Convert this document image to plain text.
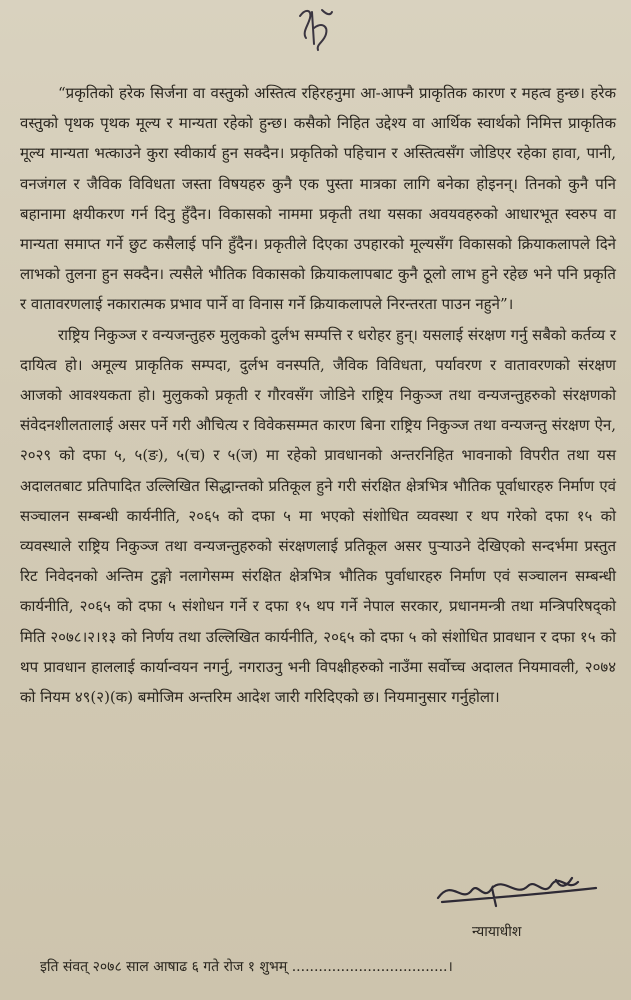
“प्रकृतिको हरेक सिर्जना वा वस्तुको अस्तित्व रहिरहनुमा आ-आफ्नै प्राकृतिक कारण र महत्व हुन्छ। हरेक वस्तुको पृथक पृथक मूल्य र मान्यता रहेको हुन्छ। कसैको निहित उद्देश्य वा आर्थिक स्वार्थको निमित्त प्राकृतिक मूल्य मान्यता भत्काउने कुरा स्वीकार्य हुन सक्दैन। प्रकृतिको पहिचान र अस्तित्वसँग जोडिएर रहेका हावा, पानी, वनजंगल र जैविक विविधता जस्ता विषयहरु कुनै एक पुस्ता मात्रका लागि बनेका होइनन्। तिनको कुनै पनि बहानामा क्षयीकरण गर्न दिनु हुँदैन। विकासको नाममा प्रकृती तथा यसका अवयवहरुको आधारभूत स्वरुप वा मान्यता समाप्त गर्ने छुट कसैलाई पनि हुँदैन। प्रकृतीले दिएका उपहारको मूल्यसँग विकासको क्रियाकलापले दिने लाभको तुलना हुन सक्दैन। त्यसैले भौतिक विकासको क्रियाकलापबाट कुनै ठूलो लाभ हुने रहेछ भने पनि प्रकृति र वातावरणलाई नकारात्मक प्रभाव पार्ने वा विनास गर्ने क्रियाकलापले निरन्तरता पाउन नहुने”।

राष्ट्रिय निकुञ्ज र वन्यजन्तुहरु मुलुकको दुर्लभ सम्पत्ति र धरोहर हुन्। यसलाई संरक्षण गर्नु सबैको कर्तव्य र दायित्व हो। अमूल्य प्राकृतिक सम्पदा, दुर्लभ वनस्पति, जैविक विविधता, पर्यावरण र वातावरणको संरक्षण आजको आवश्यकता हो। मुलुकको प्रकृती र गौरवसँग जोडिने राष्ट्रिय निकुञ्ज तथा वन्यजन्तुहरुको संरक्षणको संवेदनशीलतालाई असर पर्ने गरी औचित्य र विवेकसम्मत कारण बिना राष्ट्रिय निकुञ्ज तथा वन्यजन्तु संरक्षण ऐन, २०२९ को दफा ५, ५(ङ), ५(च) र ५(ज) मा रहेको प्रावधानको अन्तरनिहित भावनाको विपरीत तथा यस अदालतबाट प्रतिपादित उल्लिखित सिद्धान्तको प्रतिकूल हुने गरी संरक्षित क्षेत्रभित्र भौतिक पूर्वाधारहरु निर्माण एवं सञ्चालन सम्बन्धी कार्यनीति, २०६५ को दफा ५ मा भएको संशोधित व्यवस्था र थप गरेको दफा १५ को व्यवस्थाले राष्ट्रिय निकुञ्ज तथा वन्यजन्तुहरुको संरक्षणलाई प्रतिकूल असर पुऱ्याउने देखिएको सन्दर्भमा प्रस्तुत रिट निवेदनको अन्तिम टुङ्गो नलागेसम्म संरक्षित क्षेत्रभित्र भौतिक पुर्वाधारहरु निर्माण एवं सञ्चालन सम्बन्धी कार्यनीति, २०६५ को दफा ५ संशोधन गर्ने र दफा १५ थप गर्ने नेपाल सरकार, प्रधानमन्त्री तथा मन्त्रिपरिषद्को मिति २०७८।२।१३ को निर्णय तथा उल्लिखित कार्यनीति, २०६५ को दफा ५ को संशोधित प्रावधान र दफा १५ को थप प्रावधान हाललाई कार्यान्वयन नगर्नु, नगराउनु भनी विपक्षीहरुको नाउँमा सर्वोच्च अदालत नियमावली, २०७४ को नियम ४९(२)(क) बमोजिम अन्तरिम आदेश जारी गरिदिएको छ। नियमानुसार गर्नुहोला।

न्यायाधीश
इति संवत् २०७८ साल आषाढ ६ गते रोज १ शुभम् ...................................।
